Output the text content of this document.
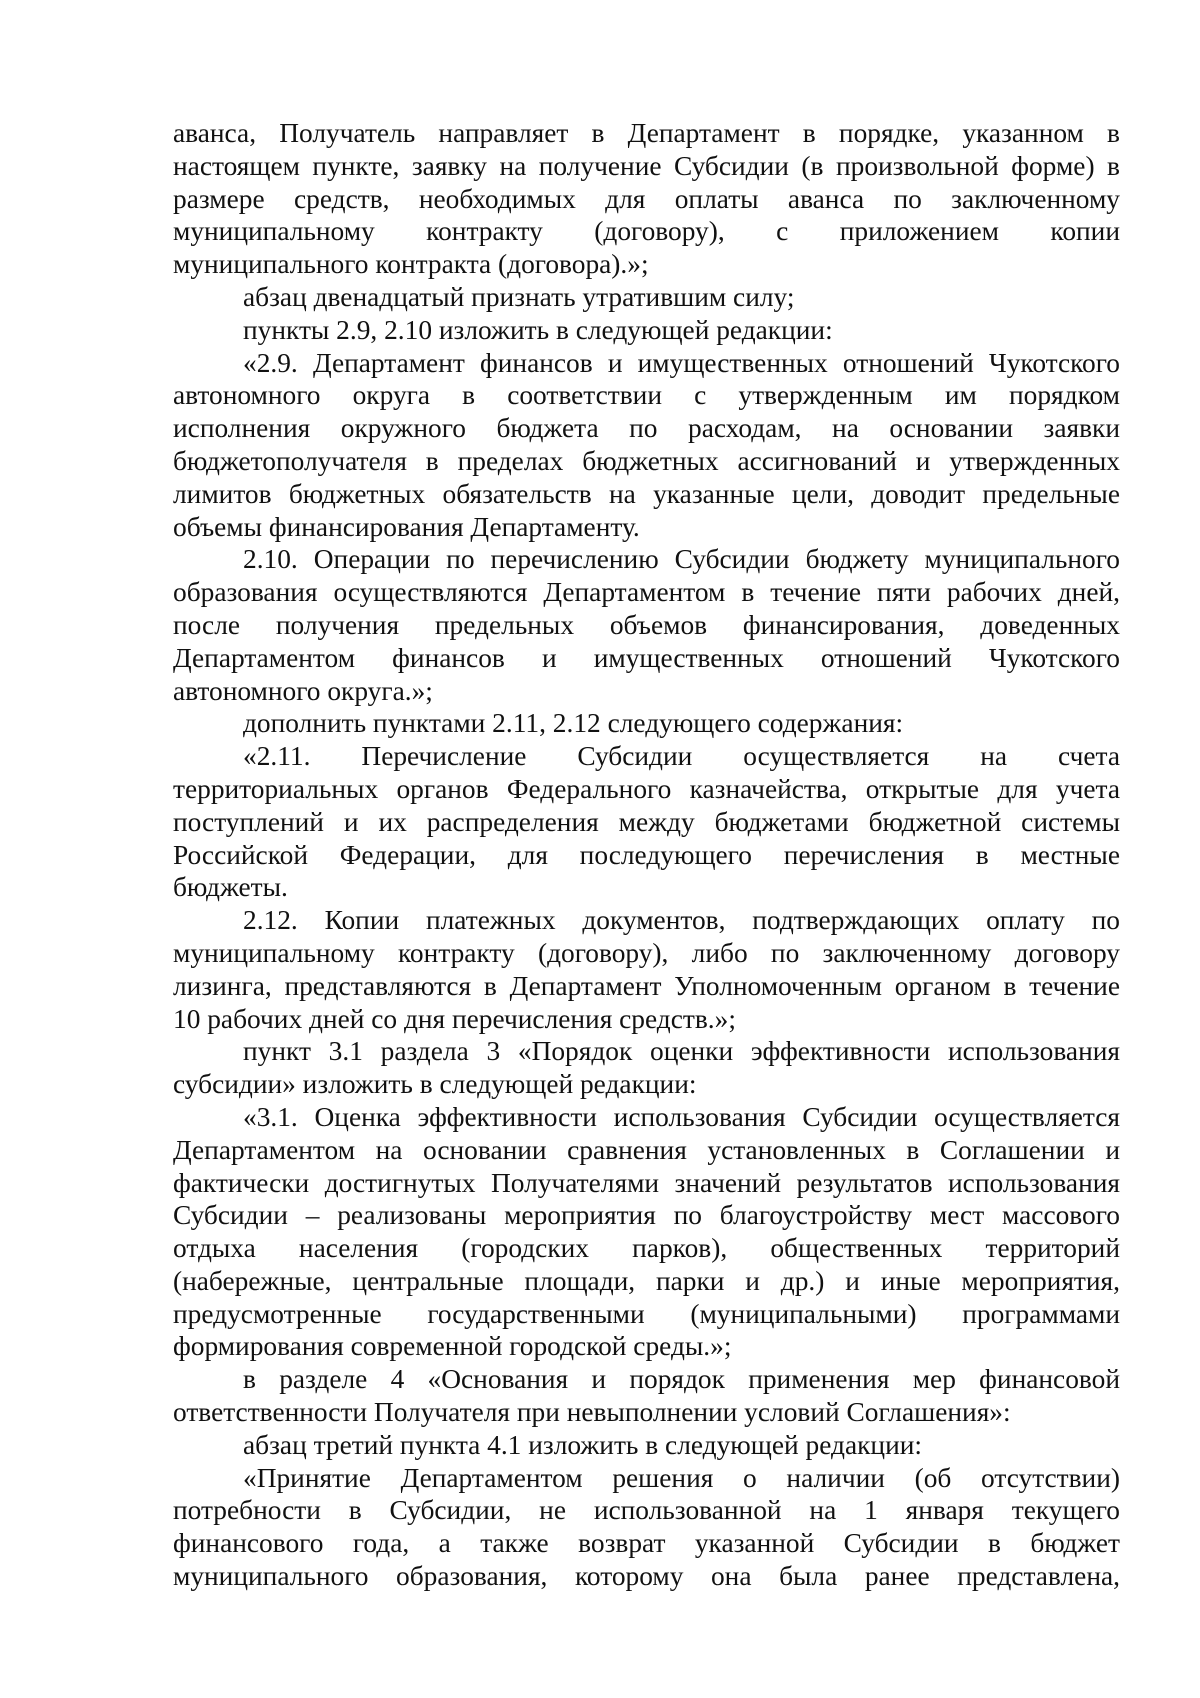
аванса, Получатель направляет в Департамент в порядке, указанном в
настоящем пункте, заявку на получение Субсидии (в произвольной форме) в
размере средств, необходимых для оплаты аванса по заключенному
муниципальному контракту (договору), с приложением копии
муниципального контракта (договора).»;
абзац двенадцатый признать утратившим силу;
пункты 2.9, 2.10 изложить в следующей редакции:
«2.9. Департамент финансов и имущественных отношений Чукотского
автономного округа в соответствии с утвержденным им порядком
исполнения окружного бюджета по расходам, на основании заявки
бюджетополучателя в пределах бюджетных ассигнований и утвержденных
лимитов бюджетных обязательств на указанные цели, доводит предельные
объемы финансирования Департаменту.
2.10. Операции по перечислению Субсидии бюджету муниципального
образования осуществляются Департаментом в течение пяти рабочих дней,
после получения предельных объемов финансирования, доведенных
Департаментом финансов и имущественных отношений Чукотского
автономного округа.»;
дополнить пунктами 2.11, 2.12 следующего содержания:
«2.11. Перечисление Субсидии осуществляется на счета
территориальных органов Федерального казначейства, открытые для учета
поступлений и их распределения между бюджетами бюджетной системы
Российской Федерации, для последующего перечисления в местные
бюджеты.
2.12. Копии платежных документов, подтверждающих оплату по
муниципальному контракту (договору), либо по заключенному договору
лизинга, представляются в Департамент Уполномоченным органом в течение
10 рабочих дней со дня перечисления средств.»;
пункт 3.1 раздела 3 «Порядок оценки эффективности использования
субсидии» изложить в следующей редакции:
«3.1. Оценка эффективности использования Субсидии осуществляется
Департаментом на основании сравнения установленных в Соглашении и
фактически достигнутых Получателями значений результатов использования
Субсидии – реализованы мероприятия по благоустройству мест массового
отдыха населения (городских парков), общественных территорий
(набережные, центральные площади, парки и др.) и иные мероприятия,
предусмотренные государственными (муниципальными) программами
формирования современной городской среды.»;
в разделе 4 «Основания и порядок применения мер финансовой
ответственности Получателя при невыполнении условий Соглашения»:
абзац третий пункта 4.1 изложить в следующей редакции:
«Принятие Департаментом решения о наличии (об отсутствии)
потребности в Субсидии, не использованной на 1 января текущего
финансового года, а также возврат указанной Субсидии в бюджет
муниципального образования, которому она была ранее представлена,
